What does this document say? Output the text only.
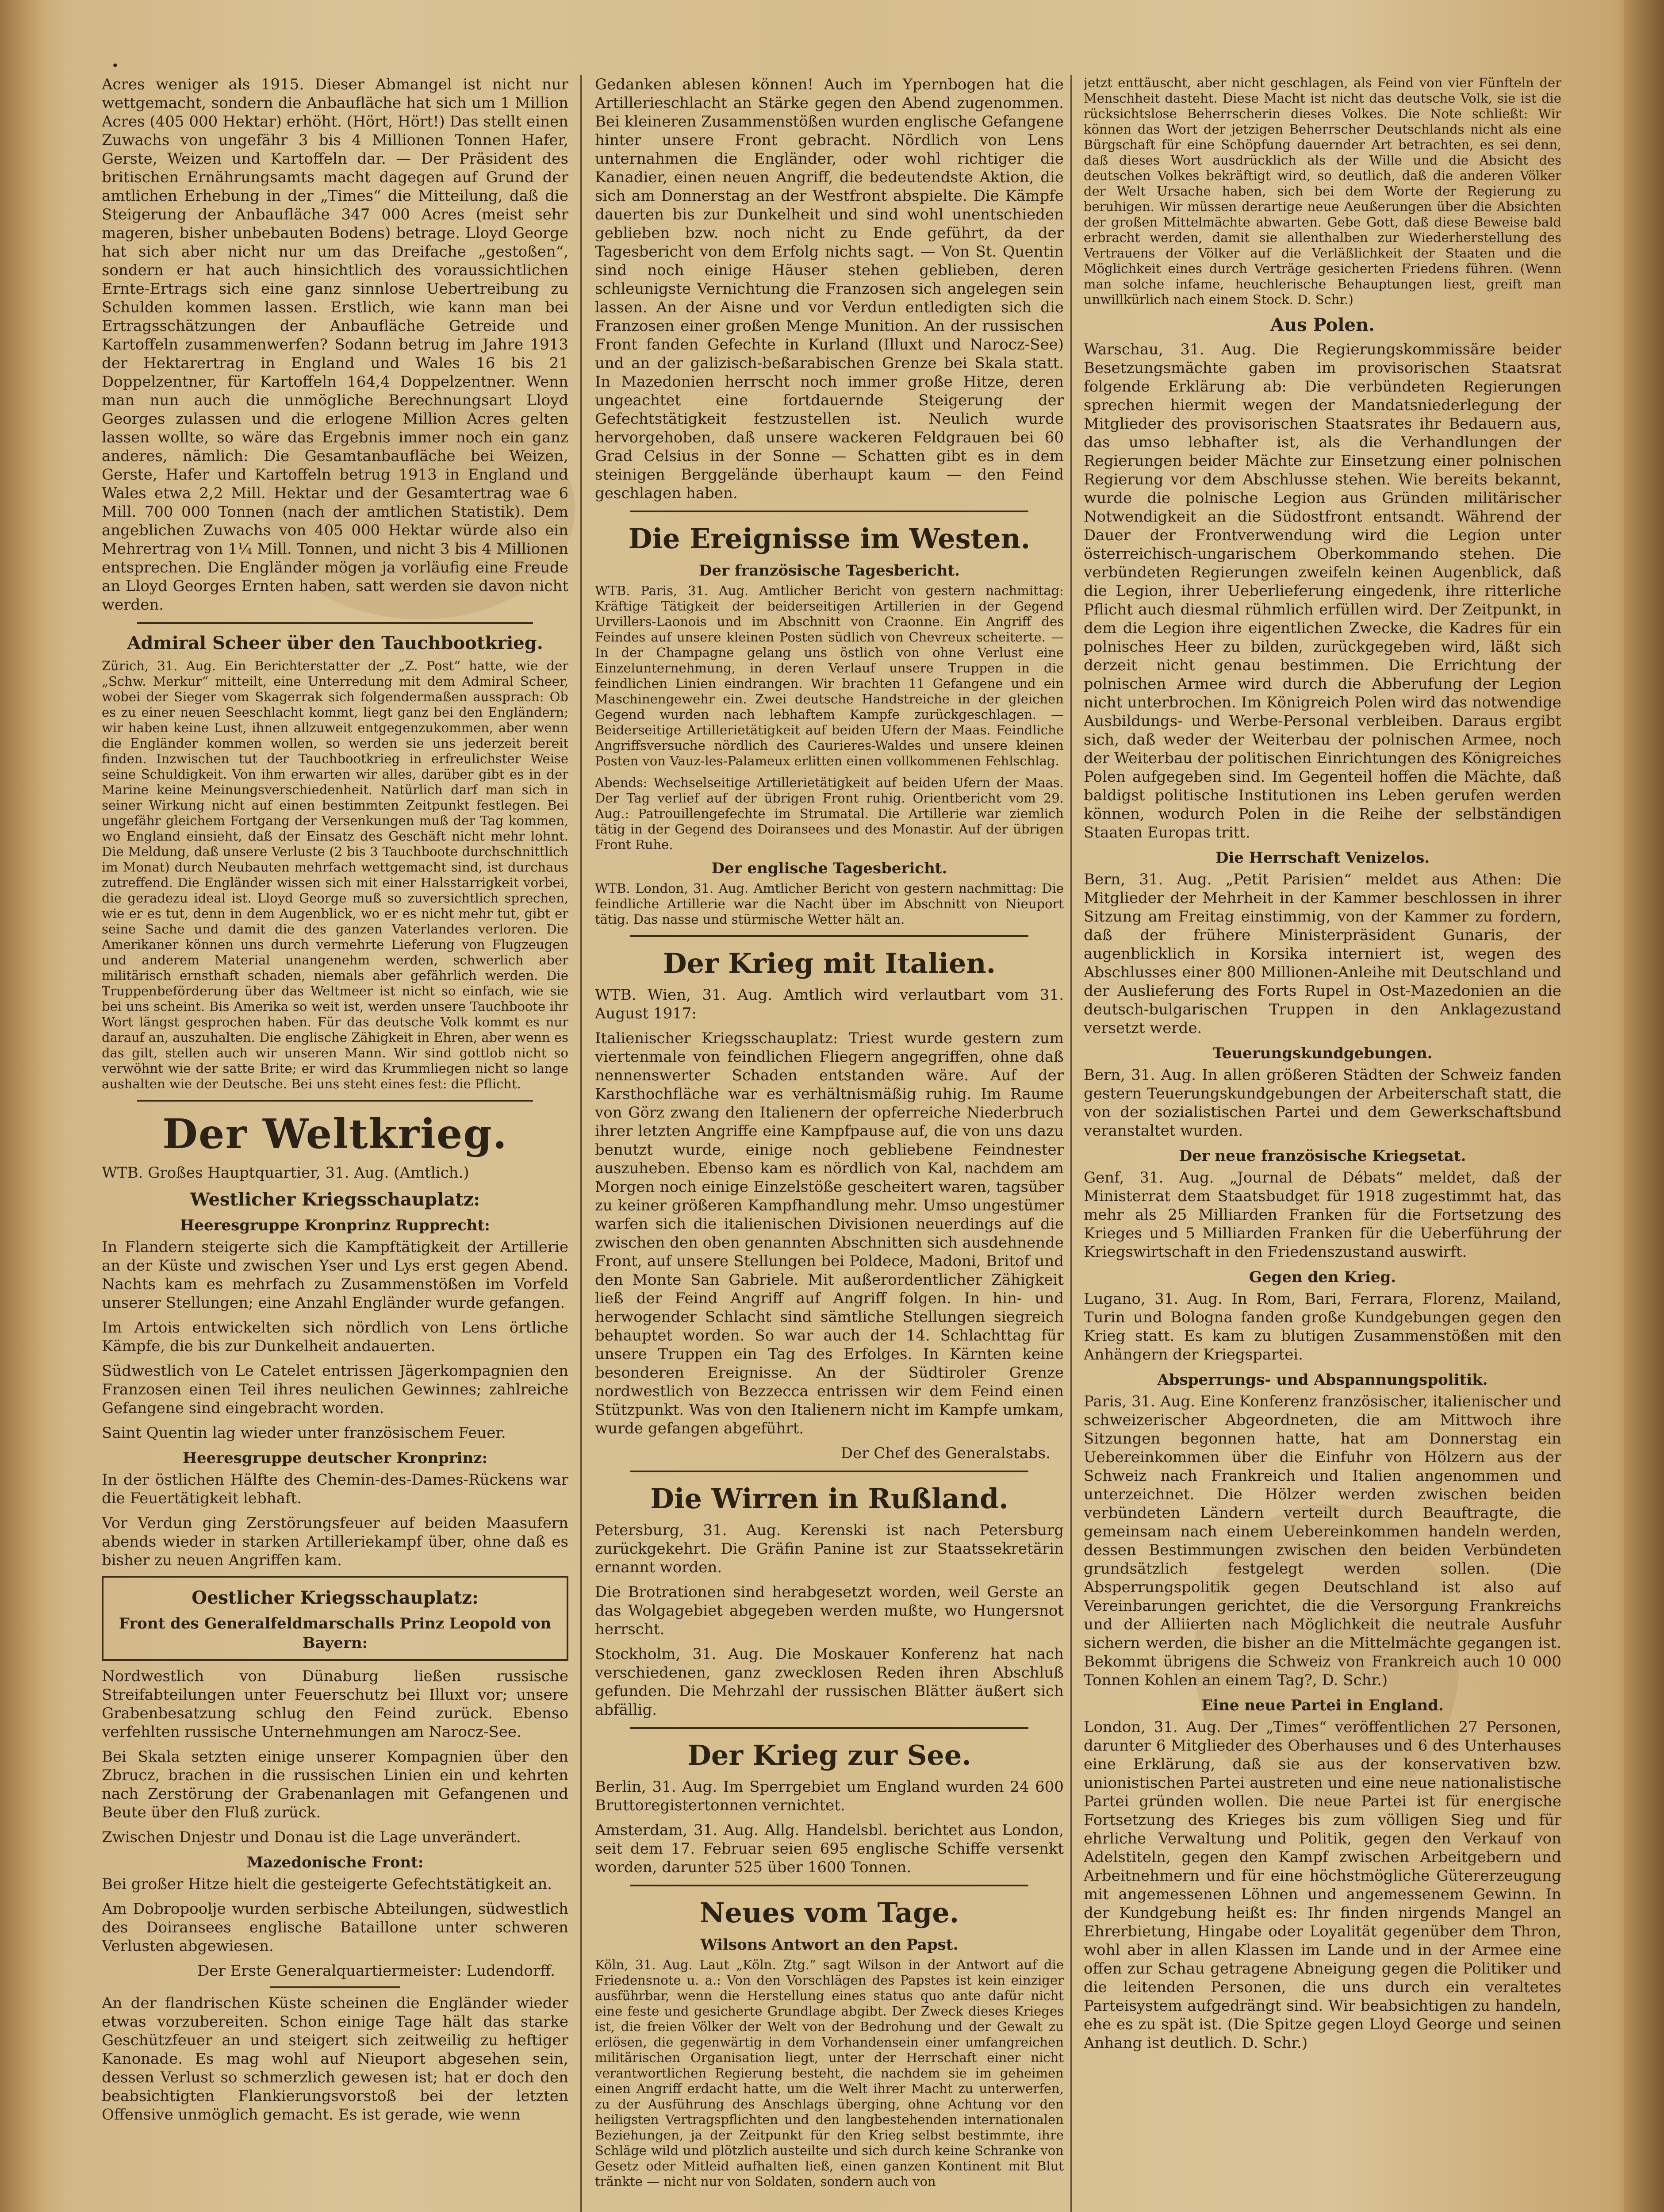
•

Acres weniger als 1915. Dieser Abmangel ist nicht nur wettgemacht, sondern die Anbaufläche hat sich um 1 Million Acres (405 000 Hektar) erhöht. (Hört, Hört!) Das stellt einen Zuwachs von ungefähr 3 bis 4 Millionen Tonnen Hafer, Gerste, Weizen und Kartoffeln dar. — Der Präsident des britischen Ernährungsamts macht dagegen auf Grund der amtlichen Erhebung in der „Times“ die Mitteilung, daß die Steigerung der Anbaufläche 347 000 Acres (meist sehr mageren, bisher unbebauten Bodens) betrage. Lloyd George hat sich aber nicht nur um das Dreifache „gestoßen“, sondern er hat auch hinsichtlich des voraussichtlichen Ernte-Ertrags sich eine ganz sinnlose Uebertreibung zu Schulden kommen lassen. Erstlich, wie kann man bei Ertragsschätzungen der Anbaufläche Getreide und Kartoffeln zusammenwerfen? Sodann betrug im Jahre 1913 der Hektarertrag in England und Wales 16 bis 21 Doppelzentner, für Kartoffeln 164,4 Doppelzentner. Wenn man nun auch die unmögliche Berechnungsart Lloyd Georges zulassen und die erlogene Million Acres gelten lassen wollte, so wäre das Ergebnis immer noch ein ganz anderes, nämlich: Die Gesamtanbaufläche bei Weizen, Gerste, Hafer und Kartoffeln betrug 1913 in England und Wales etwa 2,2 Mill. Hektar und der Gesamtertrag wae 6 Mill. 700 000 Tonnen (nach der amtlichen Statistik). Dem angeblichen Zuwachs von 405 000 Hektar würde also ein Mehrertrag von 1¼ Mill. Tonnen, und nicht 3 bis 4 Millionen entsprechen. Die Engländer mögen ja vorläufig eine Freude an Lloyd Georges Ernten haben, satt werden sie davon nicht werden.

Admiral Scheer über den Tauchbootkrieg.

Zürich, 31. Aug. Ein Berichterstatter der „Z. Post“ hatte, wie der „Schw. Merkur“ mitteilt, eine Unterredung mit dem Admiral Scheer, wobei der Sieger vom Skagerrak sich folgendermaßen aussprach: Ob es zu einer neuen Seeschlacht kommt, liegt ganz bei den Engländern; wir haben keine Lust, ihnen allzuweit entgegenzukommen, aber wenn die Engländer kommen wollen, so werden sie uns jederzeit bereit finden. Inzwischen tut der Tauchbootkrieg in erfreulichster Weise seine Schuldigkeit. Von ihm erwarten wir alles, darüber gibt es in der Marine keine Meinungsverschiedenheit. Natürlich darf man sich in seiner Wirkung nicht auf einen bestimmten Zeitpunkt festlegen. Bei ungefähr gleichem Fortgang der Versenkungen muß der Tag kommen, wo England einsieht, daß der Einsatz des Geschäft nicht mehr lohnt. Die Meldung, daß unsere Verluste (2 bis 3 Tauchboote durchschnittlich im Monat) durch Neubauten mehrfach wettgemacht sind, ist durchaus zutreffend. Die Engländer wissen sich mit einer Halsstarrigkeit vorbei, die geradezu ideal ist. Lloyd George muß so zuversichtlich sprechen, wie er es tut, denn in dem Augenblick, wo er es nicht mehr tut, gibt er seine Sache und damit die des ganzen Vaterlandes verloren. Die Amerikaner können uns durch vermehrte Lieferung von Flugzeugen und anderem Material unangenehm werden, schwerlich aber militärisch ernsthaft schaden, niemals aber gefährlich werden. Die Truppenbeförderung über das Weltmeer ist nicht so einfach, wie sie bei uns scheint. Bis Amerika so weit ist, werden unsere Tauchboote ihr Wort längst gesprochen haben. Für das deutsche Volk kommt es nur darauf an, auszuhalten. Die englische Zähigkeit in Ehren, aber wenn es das gilt, stellen auch wir unseren Mann. Wir sind gottlob nicht so verwöhnt wie der satte Brite; er wird das Krummliegen nicht so lange aushalten wie der Deutsche. Bei uns steht eines fest: die Pflicht.

Der Weltkrieg.

WTB. Großes Hauptquartier, 31. Aug. (Amtlich.)

Westlicher Kriegsschauplatz:
Heeresgruppe Kronprinz Rupprecht:

In Flandern steigerte sich die Kampftätigkeit der Artillerie an der Küste und zwischen Yser und Lys erst gegen Abend. Nachts kam es mehrfach zu Zusammenstößen im Vorfeld unserer Stellungen; eine Anzahl Engländer wurde gefangen.

Im Artois entwickelten sich nördlich von Lens örtliche Kämpfe, die bis zur Dunkelheit andauerten.

Südwestlich von Le Catelet entrissen Jägerkompagnien den Franzosen einen Teil ihres neulichen Gewinnes; zahlreiche Gefangene sind eingebracht worden.

Saint Quentin lag wieder unter französischem Feuer.

Heeresgruppe deutscher Kronprinz:

In der östlichen Hälfte des Chemin-des-Dames-Rückens war die Feuertätigkeit lebhaft.

Vor Verdun ging Zerstörungsfeuer auf beiden Maasufern abends wieder in starken Artilleriekampf über, ohne daß es bisher zu neuen Angriffen kam.

Oestlicher Kriegsschauplatz:
Front des Generalfeldmarschalls Prinz Leopold von Bayern:

Nordwestlich von Dünaburg ließen russische Streifabteilungen unter Feuerschutz bei Illuxt vor; unsere Grabenbesatzung schlug den Feind zurück. Ebenso verfehlten russische Unternehmungen am Narocz-See.

Bei Skala setzten einige unserer Kompagnien über den Zbrucz, brachen in die russischen Linien ein und kehrten nach Zerstörung der Grabenanlagen mit Gefangenen und Beute über den Fluß zurück.

Zwischen Dnjestr und Donau ist die Lage unverändert.

Mazedonische Front:

Bei großer Hitze hielt die gesteigerte Gefechtstätigkeit an.

Am Dobropoolje wurden serbische Abteilungen, südwestlich des Doiransees englische Bataillone unter schweren Verlusten abgewiesen.

Der Erste Generalquartiermeister: Ludendorff.

An der flandrischen Küste scheinen die Engländer wieder etwas vorzubereiten. Schon einige Tage hält das starke Geschützfeuer an und steigert sich zeitweilig zu heftiger Kanonade. Es mag wohl auf Nieuport abgesehen sein, dessen Verlust so schmerzlich gewesen ist; hat er doch den beabsichtigten Flankierungsvorstoß bei der letzten Offensive unmöglich gemacht. Es ist gerade, wie wenn

Gedanken ablesen können! Auch im Ypernbogen hat die Artillerieschlacht an Stärke gegen den Abend zugenommen. Bei kleineren Zusammenstößen wurden englische Gefangene hinter unsere Front gebracht. Nördlich von Lens unternahmen die Engländer, oder wohl richtiger die Kanadier, einen neuen Angriff, die bedeutendste Aktion, die sich am Donnerstag an der Westfront abspielte. Die Kämpfe dauerten bis zur Dunkelheit und sind wohl unentschieden geblieben bzw. noch nicht zu Ende geführt, da der Tagesbericht von dem Erfolg nichts sagt. — Von St. Quentin sind noch einige Häuser stehen geblieben, deren schleunigste Vernichtung die Franzosen sich angelegen sein lassen. An der Aisne und vor Verdun entledigten sich die Franzosen einer großen Menge Munition. An der russischen Front fanden Gefechte in Kurland (Illuxt und Narocz-See) und an der galizisch-beßarabischen Grenze bei Skala statt. In Mazedonien herrscht noch immer große Hitze, deren ungeachtet eine fortdauernde Steigerung der Gefechtstätigkeit festzustellen ist. Neulich wurde hervorgehoben, daß unsere wackeren Feldgrauen bei 60 Grad Celsius in der Sonne — Schatten gibt es in dem steinigen Berggelände überhaupt kaum — den Feind geschlagen haben.

Die Ereignisse im Westen.
Der französische Tagesbericht.

WTB. Paris, 31. Aug. Amtlicher Bericht von gestern nachmittag: Kräftige Tätigkeit der beiderseitigen Artillerien in der Gegend Urvillers-Laonois und im Abschnitt von Craonne. Ein Angriff des Feindes auf unsere kleinen Posten südlich von Chevreux scheiterte. — In der Champagne gelang uns östlich von ohne Verlust eine Einzelunternehmung, in deren Verlauf unsere Truppen in die feindlichen Linien eindrangen. Wir brachten 11 Gefangene und ein Maschinengewehr ein. Zwei deutsche Handstreiche in der gleichen Gegend wurden nach lebhaftem Kampfe zurückgeschlagen. — Beiderseitige Artillerietätigkeit auf beiden Ufern der Maas. Feindliche Angriffsversuche nördlich des Caurieres-Waldes und unsere kleinen Posten von Vauz-les-Palameux erlitten einen vollkommenen Fehlschlag.

Abends: Wechselseitige Artillerietätigkeit auf beiden Ufern der Maas. Der Tag verlief auf der übrigen Front ruhig. Orientbericht vom 29. Aug.: Patrouillengefechte im Strumatal. Die Artillerie war ziemlich tätig in der Gegend des Doiransees und des Monastir. Auf der übrigen Front Ruhe.

Der englische Tagesbericht.

WTB. London, 31. Aug. Amtlicher Bericht von gestern nachmittag: Die feindliche Artillerie war die Nacht über im Abschnitt von Nieuport tätig. Das nasse und stürmische Wetter hält an.

Der Krieg mit Italien.

WTB. Wien, 31. Aug. Amtlich wird verlautbart vom 31. August 1917:

Italienischer Kriegsschauplatz: Triest wurde gestern zum viertenmale von feindlichen Fliegern angegriffen, ohne daß nennenswerter Schaden entstanden wäre. Auf der Karsthochfläche war es verhältnismäßig ruhig. Im Raume von Görz zwang den Italienern der opferreiche Niederbruch ihrer letzten Angriffe eine Kampfpause auf, die von uns dazu benutzt wurde, einige noch gebliebene Feindnester auszuheben. Ebenso kam es nördlich von Kal, nachdem am Morgen noch einige Einzelstöße gescheitert waren, tagsüber zu keiner größeren Kampfhandlung mehr. Umso ungestümer warfen sich die italienischen Divisionen neuerdings auf die zwischen den oben genannten Abschnitten sich ausdehnende Front, auf unsere Stellungen bei Poldece, Madoni, Britof und den Monte San Gabriele. Mit außerordentlicher Zähigkeit ließ der Feind Angriff auf Angriff folgen. In hin- und herwogender Schlacht sind sämtliche Stellungen siegreich behauptet worden. So war auch der 14. Schlachttag für unsere Truppen ein Tag des Erfolges. In Kärnten keine besonderen Ereignisse. An der Südtiroler Grenze nordwestlich von Bezzecca entrissen wir dem Feind einen Stützpunkt. Was von den Italienern nicht im Kampfe umkam, wurde gefangen abgeführt.

Der Chef des Generalstabs.

Die Wirren in Rußland.

Petersburg, 31. Aug. Kerenski ist nach Petersburg zurückgekehrt. Die Gräfin Panine ist zur Staatssekretärin ernannt worden.

Die Brotrationen sind herabgesetzt worden, weil Gerste an das Wolgagebiet abgegeben werden mußte, wo Hungersnot herrscht.

Stockholm, 31. Aug. Die Moskauer Konferenz hat nach verschiedenen, ganz zwecklosen Reden ihren Abschluß gefunden. Die Mehrzahl der russischen Blätter äußert sich abfällig.

Der Krieg zur See.

Berlin, 31. Aug. Im Sperrgebiet um England wurden 24 600 Bruttoregistertonnen vernichtet.

Amsterdam, 31. Aug. Allg. Handelsbl. berichtet aus London, seit dem 17. Februar seien 695 englische Schiffe versenkt worden, darunter 525 über 1600 Tonnen.

Neues vom Tage.
Wilsons Antwort an den Papst.

Köln, 31. Aug. Laut „Köln. Ztg.“ sagt Wilson in der Antwort auf die Friedensnote u. a.: Von den Vorschlägen des Papstes ist kein einziger ausführbar, wenn die Herstellung eines status quo ante dafür nicht eine feste und gesicherte Grundlage abgibt. Der Zweck dieses Krieges ist, die freien Völker der Welt von der Bedrohung und der Gewalt zu erlösen, die gegenwärtig in dem Vorhandensein einer umfangreichen militärischen Organisation liegt, unter der Herrschaft einer nicht verantwortlichen Regierung besteht, die nachdem sie im geheimen einen Angriff erdacht hatte, um die Welt ihrer Macht zu unterwerfen, zu der Ausführung des Anschlags überging, ohne Achtung vor den heiligsten Vertragspflichten und den langbestehenden internationalen Beziehungen, ja der Zeitpunkt für den Krieg selbst bestimmte, ihre Schläge wild und plötzlich austeilte und sich durch keine Schranke von Gesetz oder Mitleid aufhalten ließ, einen ganzen Kontinent mit Blut tränkte — nicht nur von Soldaten, sondern auch von

jetzt enttäuscht, aber nicht geschlagen, als Feind von vier Fünfteln der Menschheit dasteht. Diese Macht ist nicht das deutsche Volk, sie ist die rücksichtslose Beherrscherin dieses Volkes. Die Note schließt: Wir können das Wort der jetzigen Beherrscher Deutschlands nicht als eine Bürgschaft für eine Schöpfung dauernder Art betrachten, es sei denn, daß dieses Wort ausdrücklich als der Wille und die Absicht des deutschen Volkes bekräftigt wird, so deutlich, daß die anderen Völker der Welt Ursache haben, sich bei dem Worte der Regierung zu beruhigen. Wir müssen derartige neue Aeußerungen über die Absichten der großen Mittelmächte abwarten. Gebe Gott, daß diese Beweise bald erbracht werden, damit sie allenthalben zur Wiederherstellung des Vertrauens der Völker auf die Verläßlichkeit der Staaten und die Möglichkeit eines durch Verträge gesicherten Friedens führen. (Wenn man solche infame, heuchlerische Behauptungen liest, greift man unwillkürlich nach einem Stock. D. Schr.)

Aus Polen.

Warschau, 31. Aug. Die Regierungskommissäre beider Besetzungsmächte gaben im provisorischen Staatsrat folgende Erklärung ab: Die verbündeten Regierungen sprechen hiermit wegen der Mandatsniederlegung der Mitglieder des provisorischen Staatsrates ihr Bedauern aus, das umso lebhafter ist, als die Verhandlungen der Regierungen beider Mächte zur Einsetzung einer polnischen Regierung vor dem Abschlusse stehen. Wie bereits bekannt, wurde die polnische Legion aus Gründen militärischer Notwendigkeit an die Südostfront entsandt. Während der Dauer der Frontverwendung wird die Legion unter österreichisch-ungarischem Oberkommando stehen. Die verbündeten Regierungen zweifeln keinen Augenblick, daß die Legion, ihrer Ueberlieferung eingedenk, ihre ritterliche Pflicht auch diesmal rühmlich erfüllen wird. Der Zeitpunkt, in dem die Legion ihre eigentlichen Zwecke, die Kadres für ein polnisches Heer zu bilden, zurückgegeben wird, läßt sich derzeit nicht genau bestimmen. Die Errichtung der polnischen Armee wird durch die Abberufung der Legion nicht unterbrochen. Im Königreich Polen wird das notwendige Ausbildungs- und Werbe-Personal verbleiben. Daraus ergibt sich, daß weder der Weiterbau der polnischen Armee, noch der Weiterbau der politischen Einrichtungen des Königreiches Polen aufgegeben sind. Im Gegenteil hoffen die Mächte, daß baldigst politische Institutionen ins Leben gerufen werden können, wodurch Polen in die Reihe der selbständigen Staaten Europas tritt.

Die Herrschaft Venizelos.

Bern, 31. Aug. „Petit Parisien“ meldet aus Athen: Die Mitglieder der Mehrheit in der Kammer beschlossen in ihrer Sitzung am Freitag einstimmig, von der Kammer zu fordern, daß der frühere Ministerpräsident Gunaris, der augenblicklich in Korsika interniert ist, wegen des Abschlusses einer 800 Millionen-Anleihe mit Deutschland und der Auslieferung des Forts Rupel in Ost-Mazedonien an die deutsch-bulgarischen Truppen in den Anklagezustand versetzt werde.

Teuerungskundgebungen.

Bern, 31. Aug. In allen größeren Städten der Schweiz fanden gestern Teuerungskundgebungen der Arbeiterschaft statt, die von der sozialistischen Partei und dem Gewerkschaftsbund veranstaltet wurden.

Der neue französische Kriegsetat.

Genf, 31. Aug. „Journal de Débats“ meldet, daß der Ministerrat dem Staatsbudget für 1918 zugestimmt hat, das mehr als 25 Milliarden Franken für die Fortsetzung des Krieges und 5 Milliarden Franken für die Ueberführung der Kriegswirtschaft in den Friedenszustand auswirft.

Gegen den Krieg.

Lugano, 31. Aug. In Rom, Bari, Ferrara, Florenz, Mailand, Turin und Bologna fanden große Kundgebungen gegen den Krieg statt. Es kam zu blutigen Zusammenstößen mit den Anhängern der Kriegspartei.

Absperrungs- und Abspannungspolitik.

Paris, 31. Aug. Eine Konferenz französischer, italienischer und schweizerischer Abgeordneten, die am Mittwoch ihre Sitzungen begonnen hatte, hat am Donnerstag ein Uebereinkommen über die Einfuhr von Hölzern aus der Schweiz nach Frankreich und Italien angenommen und unterzeichnet. Die Hölzer werden zwischen beiden verbündeten Ländern verteilt durch Beauftragte, die gemeinsam nach einem Uebereinkommen handeln werden, dessen Bestimmungen zwischen den beiden Verbündeten grundsätzlich festgelegt werden sollen. (Die Absperrungspolitik gegen Deutschland ist also auf Vereinbarungen gerichtet, die die Versorgung Frankreichs und der Alliierten nach Möglichkeit die neutrale Ausfuhr sichern werden, die bisher an die Mittelmächte gegangen ist. Bekommt übrigens die Schweiz von Frankreich auch 10 000 Tonnen Kohlen an einem Tag?, D. Schr.)

Eine neue Partei in England.

London, 31. Aug. Der „Times“ veröffentlichen 27 Personen, darunter 6 Mitglieder des Oberhauses und 6 des Unterhauses eine Erklärung, daß sie aus der konservativen bzw. unionistischen Partei austreten und eine neue nationalistische Partei gründen wollen. Die neue Partei ist für energische Fortsetzung des Krieges bis zum völligen Sieg und für ehrliche Verwaltung und Politik, gegen den Verkauf von Adelstiteln, gegen den Kampf zwischen Arbeitgebern und Arbeitnehmern und für eine höchstmögliche Gütererzeugung mit angemessenen Löhnen und angemessenem Gewinn. In der Kundgebung heißt es: Ihr finden nirgends Mangel an Ehrerbietung, Hingabe oder Loyalität gegenüber dem Thron, wohl aber in allen Klassen im Lande und in der Armee eine offen zur Schau getragene Abneigung gegen die Politiker und die leitenden Personen, die uns durch ein veraltetes Parteisystem aufgedrängt sind. Wir beabsichtigen zu handeln, ehe es zu spät ist. (Die Spitze gegen Lloyd George und seinen Anhang ist deutlich. D. Schr.)
